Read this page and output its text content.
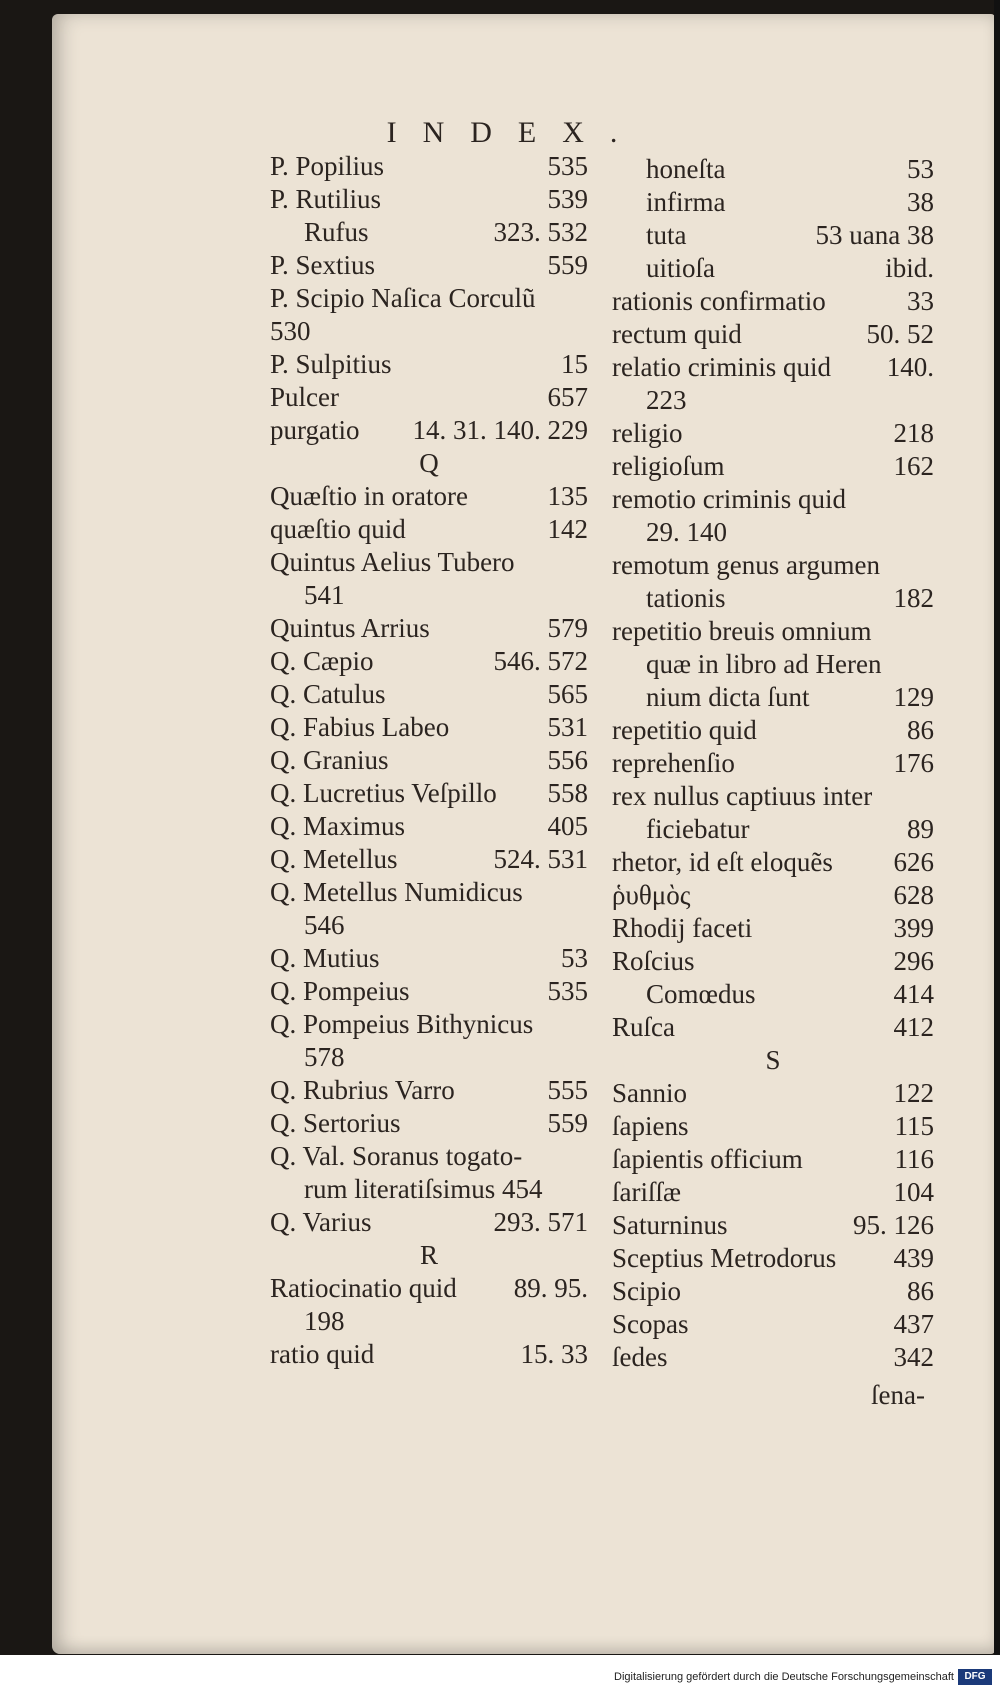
INDEX.
P. Popilius	535
P. Rutilius	539
Rufus	323. 532
P. Sextius	559
P. Scipio Naſica Corculũ
530
P. Sulpitius	15
Pulcer	657
purgatio 14. 31. 140. 229
Q
Quæſtio in oratore	135
quæſtio quid	142
Quintus Aelius Tubero
541
Quintus Arrius	579
Q. Cæpio	546. 572
Q. Catulus	565
Q. Fabius Labeo	531
Q. Granius	556
Q. Lucretius Veſpillo 558
Q. Maximus	405
Q. Metellus	524. 531
Q. Metellus Numidicus
546
Q. Mutius	53
Q. Pompeius	535
Q. Pompeius Bithynicus
578
Q. Rubrius Varro	555
Q. Sertorius	559
Q. Val. Soranus togato-
rum literatiſsimus 454
Q. Varius	293. 571
R
Ratiocinatio quid 89. 95.
198
ratio quid	15. 33
honeſta	53
infirma	38
tuta	53 uana 38
uitioſa	ibid.
rationis confirmatio	33
rectum quid	50. 52
relatio criminis quid 140.
223
religio	218
religioſum	162
remotio criminis quid
29. 140
remotum genus argumen
tationis	182
repetitio breuis omnium
quæ in libro ad Heren
nium dicta ſunt	129
repetitio quid	86
reprehenſio	176
rex nullus captiuus inter
ficiebatur	89
rhetor, id eſt eloquẽs 626
ῥυθμὸς	628
Rhodij faceti	399
Roſcius	296
Comœdus	414
Ruſca	412
S
Sannio	122
ſapiens	115
ſapientis officium	116
ſariſſæ	104
Saturninus	95. 126
Sceptius Metrodorus 439
Scipio	86
Scopas	437
ſedes	342
ſena-
Digitalisierung gefördert durch die Deutsche Forschungsgemeinschaft	DFG
